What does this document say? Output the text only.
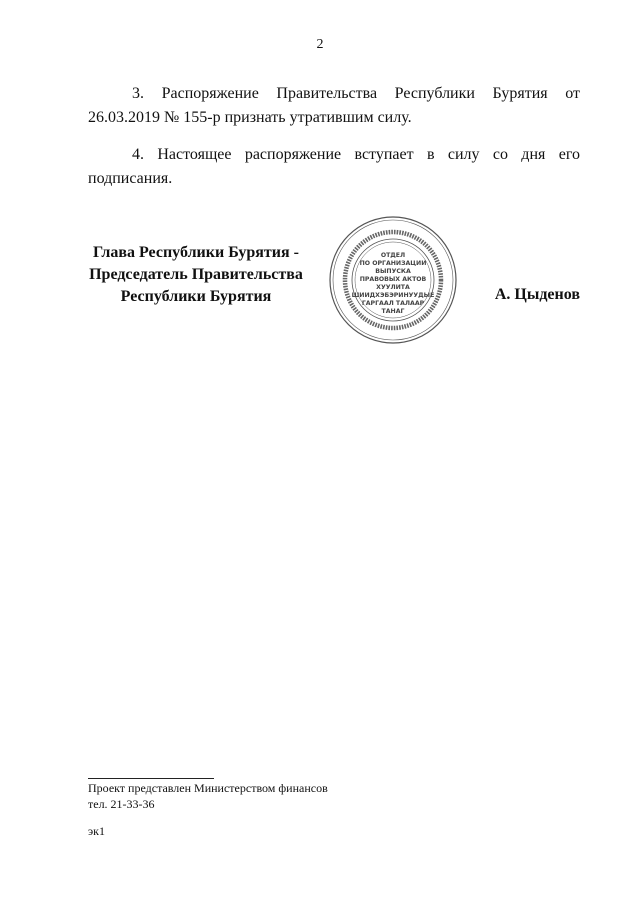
2
3. Распоряжение Правительства Республики Бурятия от 26.03.2019 № 155-р признать утратившим силу.
4. Настоящее распоряжение вступает в силу со дня его подписания.
Глава Республики Бурятия -
Председатель Правительства
Республики Бурятия
ОТДЕЛ
ПО ОРГАНИЗАЦИИ
ВЫПУСКА
ПРАВОВЫХ АКТОВ
ХУУЛИТА
ШИИДХЭБЭРИНУУДЫЕ
ГАРГААЛ ТАЛААР
ТАНАГ
А. Цыденов
Проект представлен Министерством финансов
тел. 21-33-36
эк1
